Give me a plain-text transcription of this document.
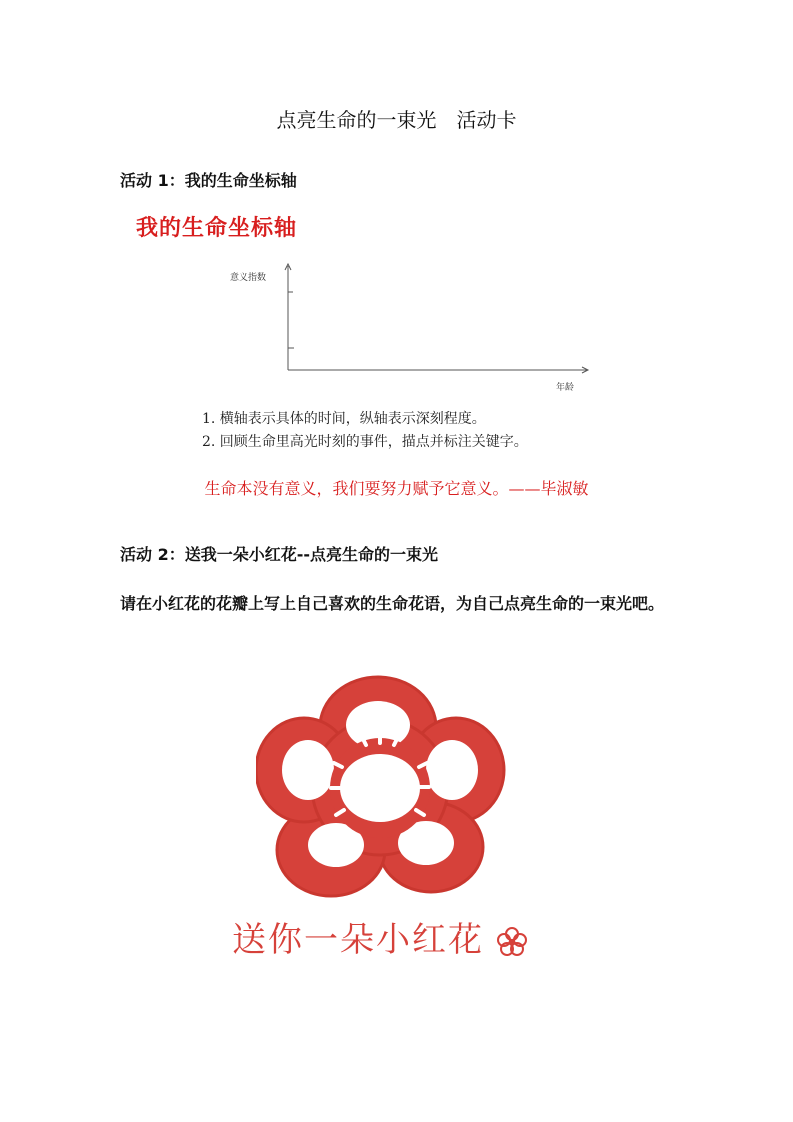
点亮生命的一束光　活动卡
活动 1：我的生命坐标轴
我的生命坐标轴
意义指数
年龄
1. 横轴表示具体的时间，纵轴表示深刻程度。
2. 回顾生命里高光时刻的事件，描点并标注关键字。
生命本没有意义，我们要努力赋予它意义。——毕淑敏
活动 2：送我一朵小红花--点亮生命的一束光
请在小红花的花瓣上写上自己喜欢的生命花语，为自己点亮生命的一束光吧。
送你一朵小红花
